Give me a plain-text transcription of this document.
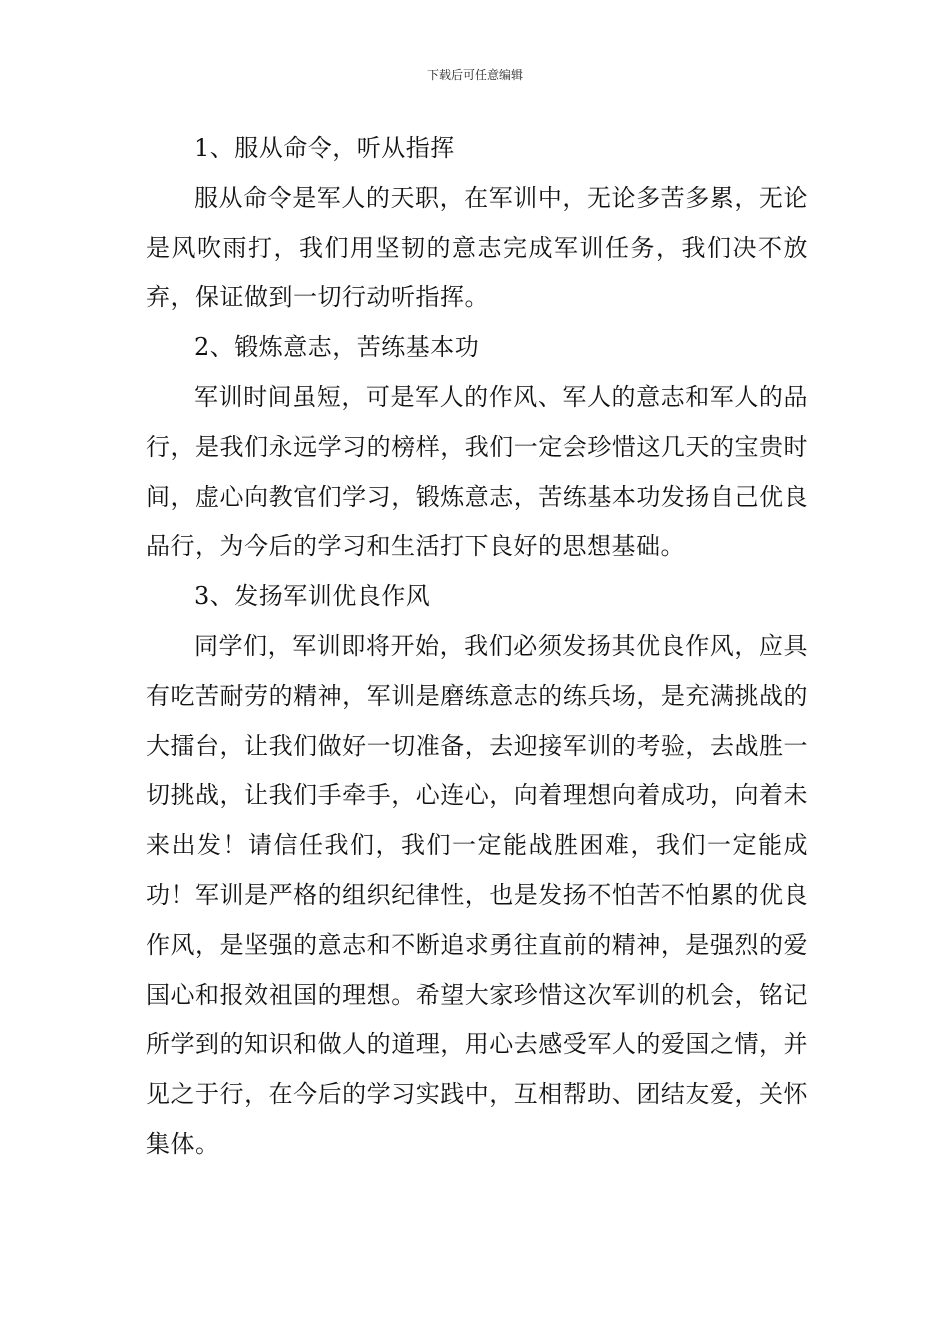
下载后可任意编辑

1、服从命令，听从指挥

服从命令是军人的天职，在军训中，无论多苦多累，无论是风吹雨打，我们用坚韧的意志完成军训任务，我们决不放弃，保证做到一切行动听指挥。

2、锻炼意志，苦练基本功

军训时间虽短，可是军人的作风、军人的意志和军人的品行，是我们永远学习的榜样，我们一定会珍惜这几天的宝贵时间，虚心向教官们学习，锻炼意志，苦练基本功发扬自己优良品行，为今后的学习和生活打下良好的思想基础。

3、发扬军训优良作风

同学们，军训即将开始，我们必须发扬其优良作风，应具有吃苦耐劳的精神，军训是磨练意志的练兵场，是充满挑战的大擂台，让我们做好一切准备，去迎接军训的考验，去战胜一切挑战，让我们手牵手，心连心，向着理想向着成功，向着未来出发！请信任我们，我们一定能战胜困难，我们一定能成功！军训是严格的组织纪律性，也是发扬不怕苦不怕累的优良作风，是坚强的意志和不断追求勇往直前的精神，是强烈的爱国心和报效祖国的理想。希望大家珍惜这次军训的机会，铭记所学到的知识和做人的道理，用心去感受军人的爱国之情，并见之于行，在今后的学习实践中，互相帮助、团结友爱，关怀集体。
